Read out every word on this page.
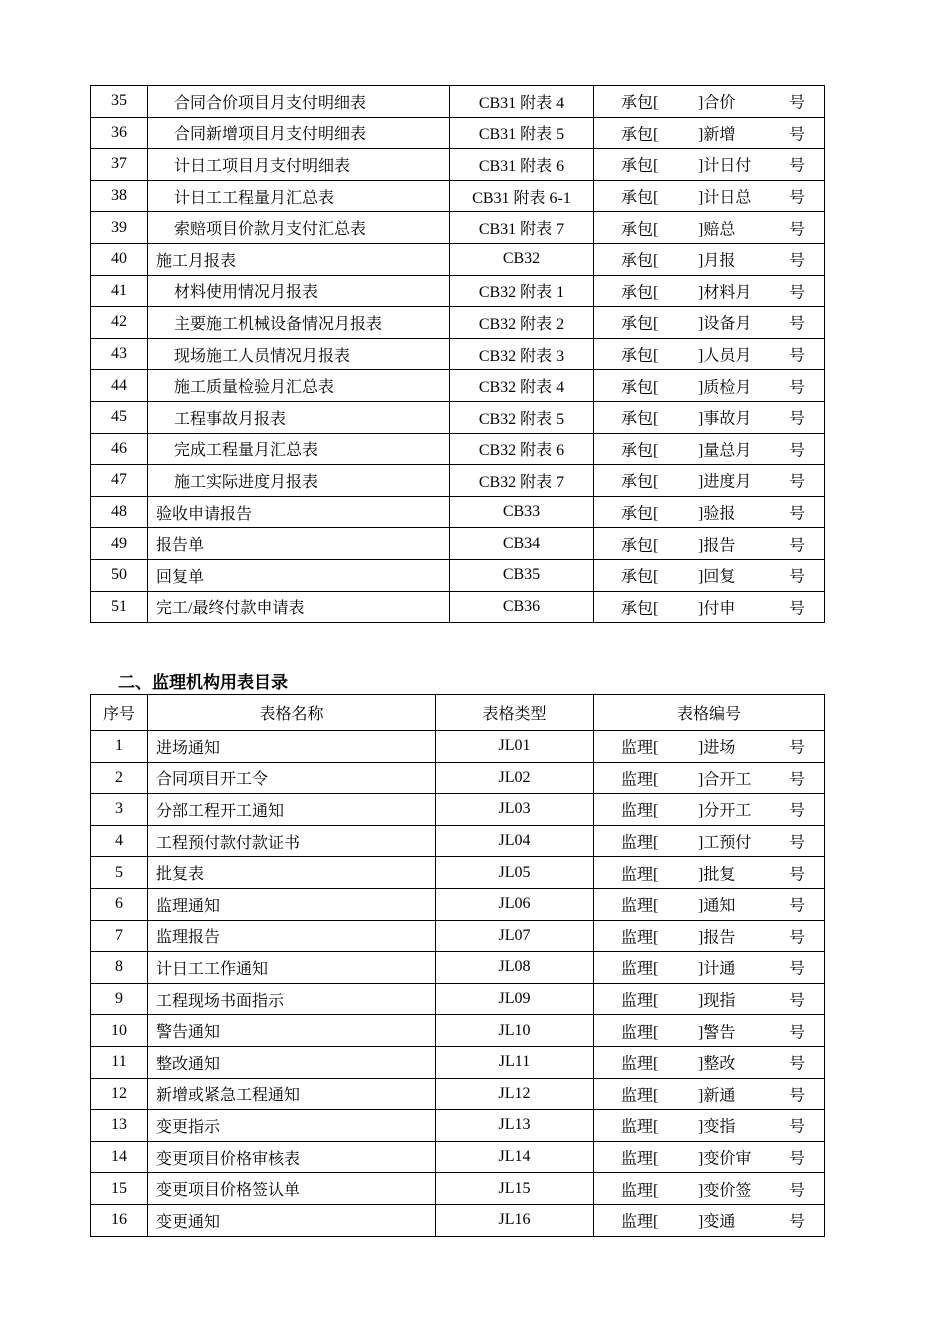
35	合同合价项目月支付明细表	CB31 附表 4	承包[ ]合价 号

36	合同新增项目月支付明细表	CB31 附表 5	承包[ ]新增 号

37	计日工项目月支付明细表	CB31 附表 6	承包[ ]计日付 号

38	计日工工程量月汇总表	CB31 附表 6-1	承包[ ]计日总 号

39	索赔项目价款月支付汇总表	CB31 附表 7	承包[ ]赔总 号

40	施工月报表	CB32	承包[ ]月报 号

41	材料使用情况月报表	CB32 附表 1	承包[ ]材料月 号

42	主要施工机械设备情况月报表	CB32 附表 2	承包[ ]设备月 号

43	现场施工人员情况月报表	CB32 附表 3	承包[ ]人员月 号

44	施工质量检验月汇总表	CB32 附表 4	承包[ ]质检月 号

45	工程事故月报表	CB32 附表 5	承包[ ]事故月 号

46	完成工程量月汇总表	CB32 附表 6	承包[ ]量总月 号

47	施工实际进度月报表	CB32 附表 7	承包[ ]进度月 号

48	验收申请报告	CB33	承包[ ]验报 号

49	报告单	CB34	承包[ ]报告 号

50	回复单	CB35	承包[ ]回复 号

51	完工/最终付款申请表	CB36	承包[ ]付申 号
二、监理机构用表目录
序号	表格名称	表格类型	表格编号
1	进场通知	JL01	监理[ ]进场 号

2	合同项目开工令	JL02	监理[ ]合开工 号

3	分部工程开工通知	JL03	监理[ ]分开工 号

4	工程预付款付款证书	JL04	监理[ ]工预付 号

5	批复表	JL05	监理[ ]批复 号

6	监理通知	JL06	监理[ ]通知 号

7	监理报告	JL07	监理[ ]报告 号

8	计日工工作通知	JL08	监理[ ]计通 号

9	工程现场书面指示	JL09	监理[ ]现指 号

10	警告通知	JL10	监理[ ]警告 号

11	整改通知	JL11	监理[ ]整改 号

12	新增或紧急工程通知	JL12	监理[ ]新通 号

13	变更指示	JL13	监理[ ]变指 号

14	变更项目价格审核表	JL14	监理[ ]变价审 号

15	变更项目价格签认单	JL15	监理[ ]变价签 号

16	变更通知	JL16	监理[ ]变通 号
